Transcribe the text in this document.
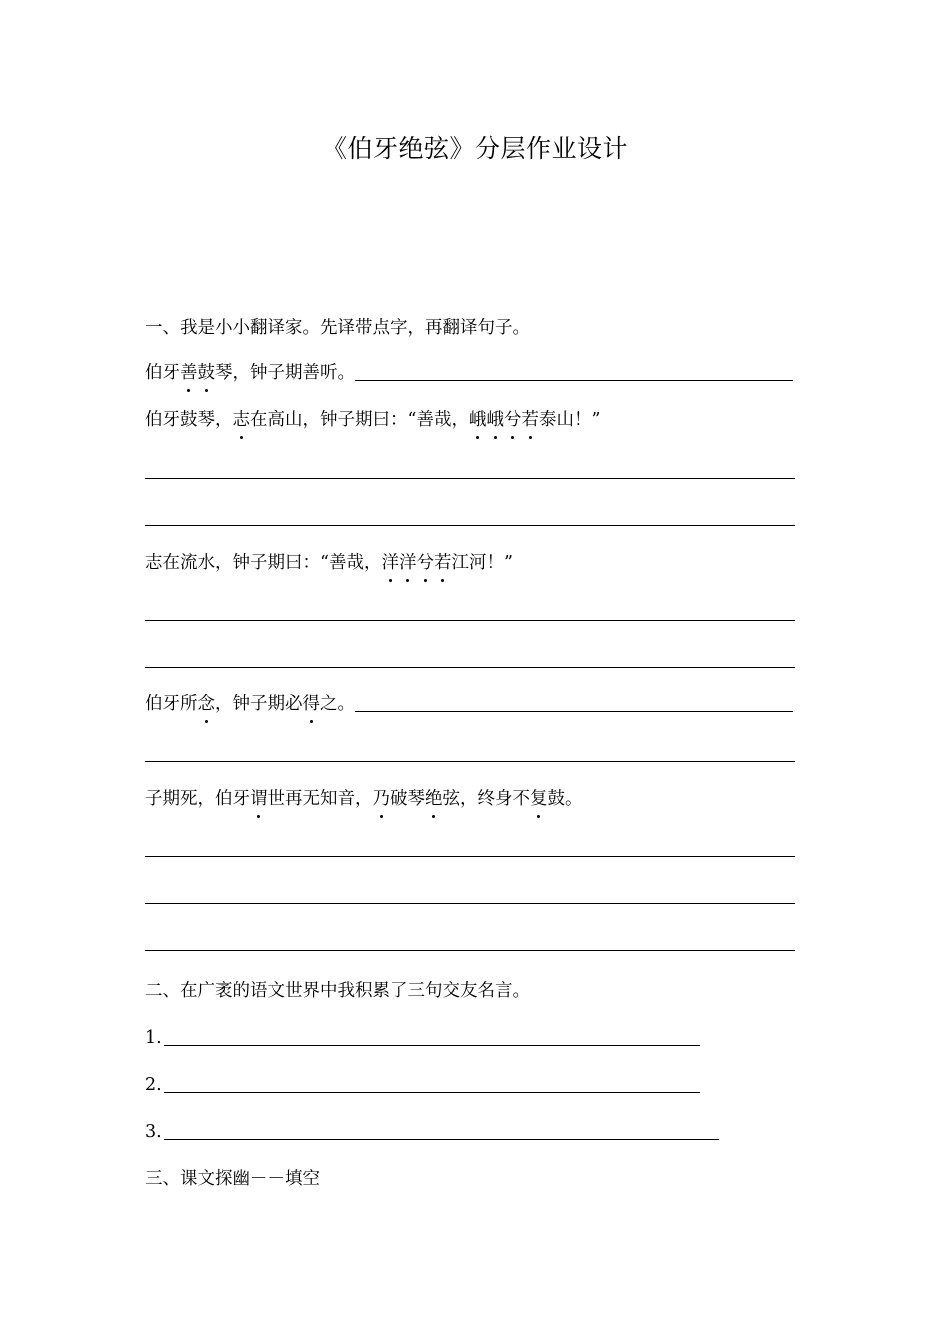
《伯牙绝弦》分层作业设计
一、我是小小翻译家。先译带点字，再翻译句子。
伯牙善鼓琴，钟子期善听。
伯牙鼓琴，志在高山，钟子期曰：“善哉，峨峨兮若泰山！”
志在流水，钟子期曰：“善哉，洋洋兮若江河！”
伯牙所念，钟子期必得之。
子期死，伯牙谓世再无知音，乃破琴绝弦，终身不复鼓。
二、在广袤的语文世界中我积累了三句交友名言。
1.
2.
3.
三、课文探幽－－填空
